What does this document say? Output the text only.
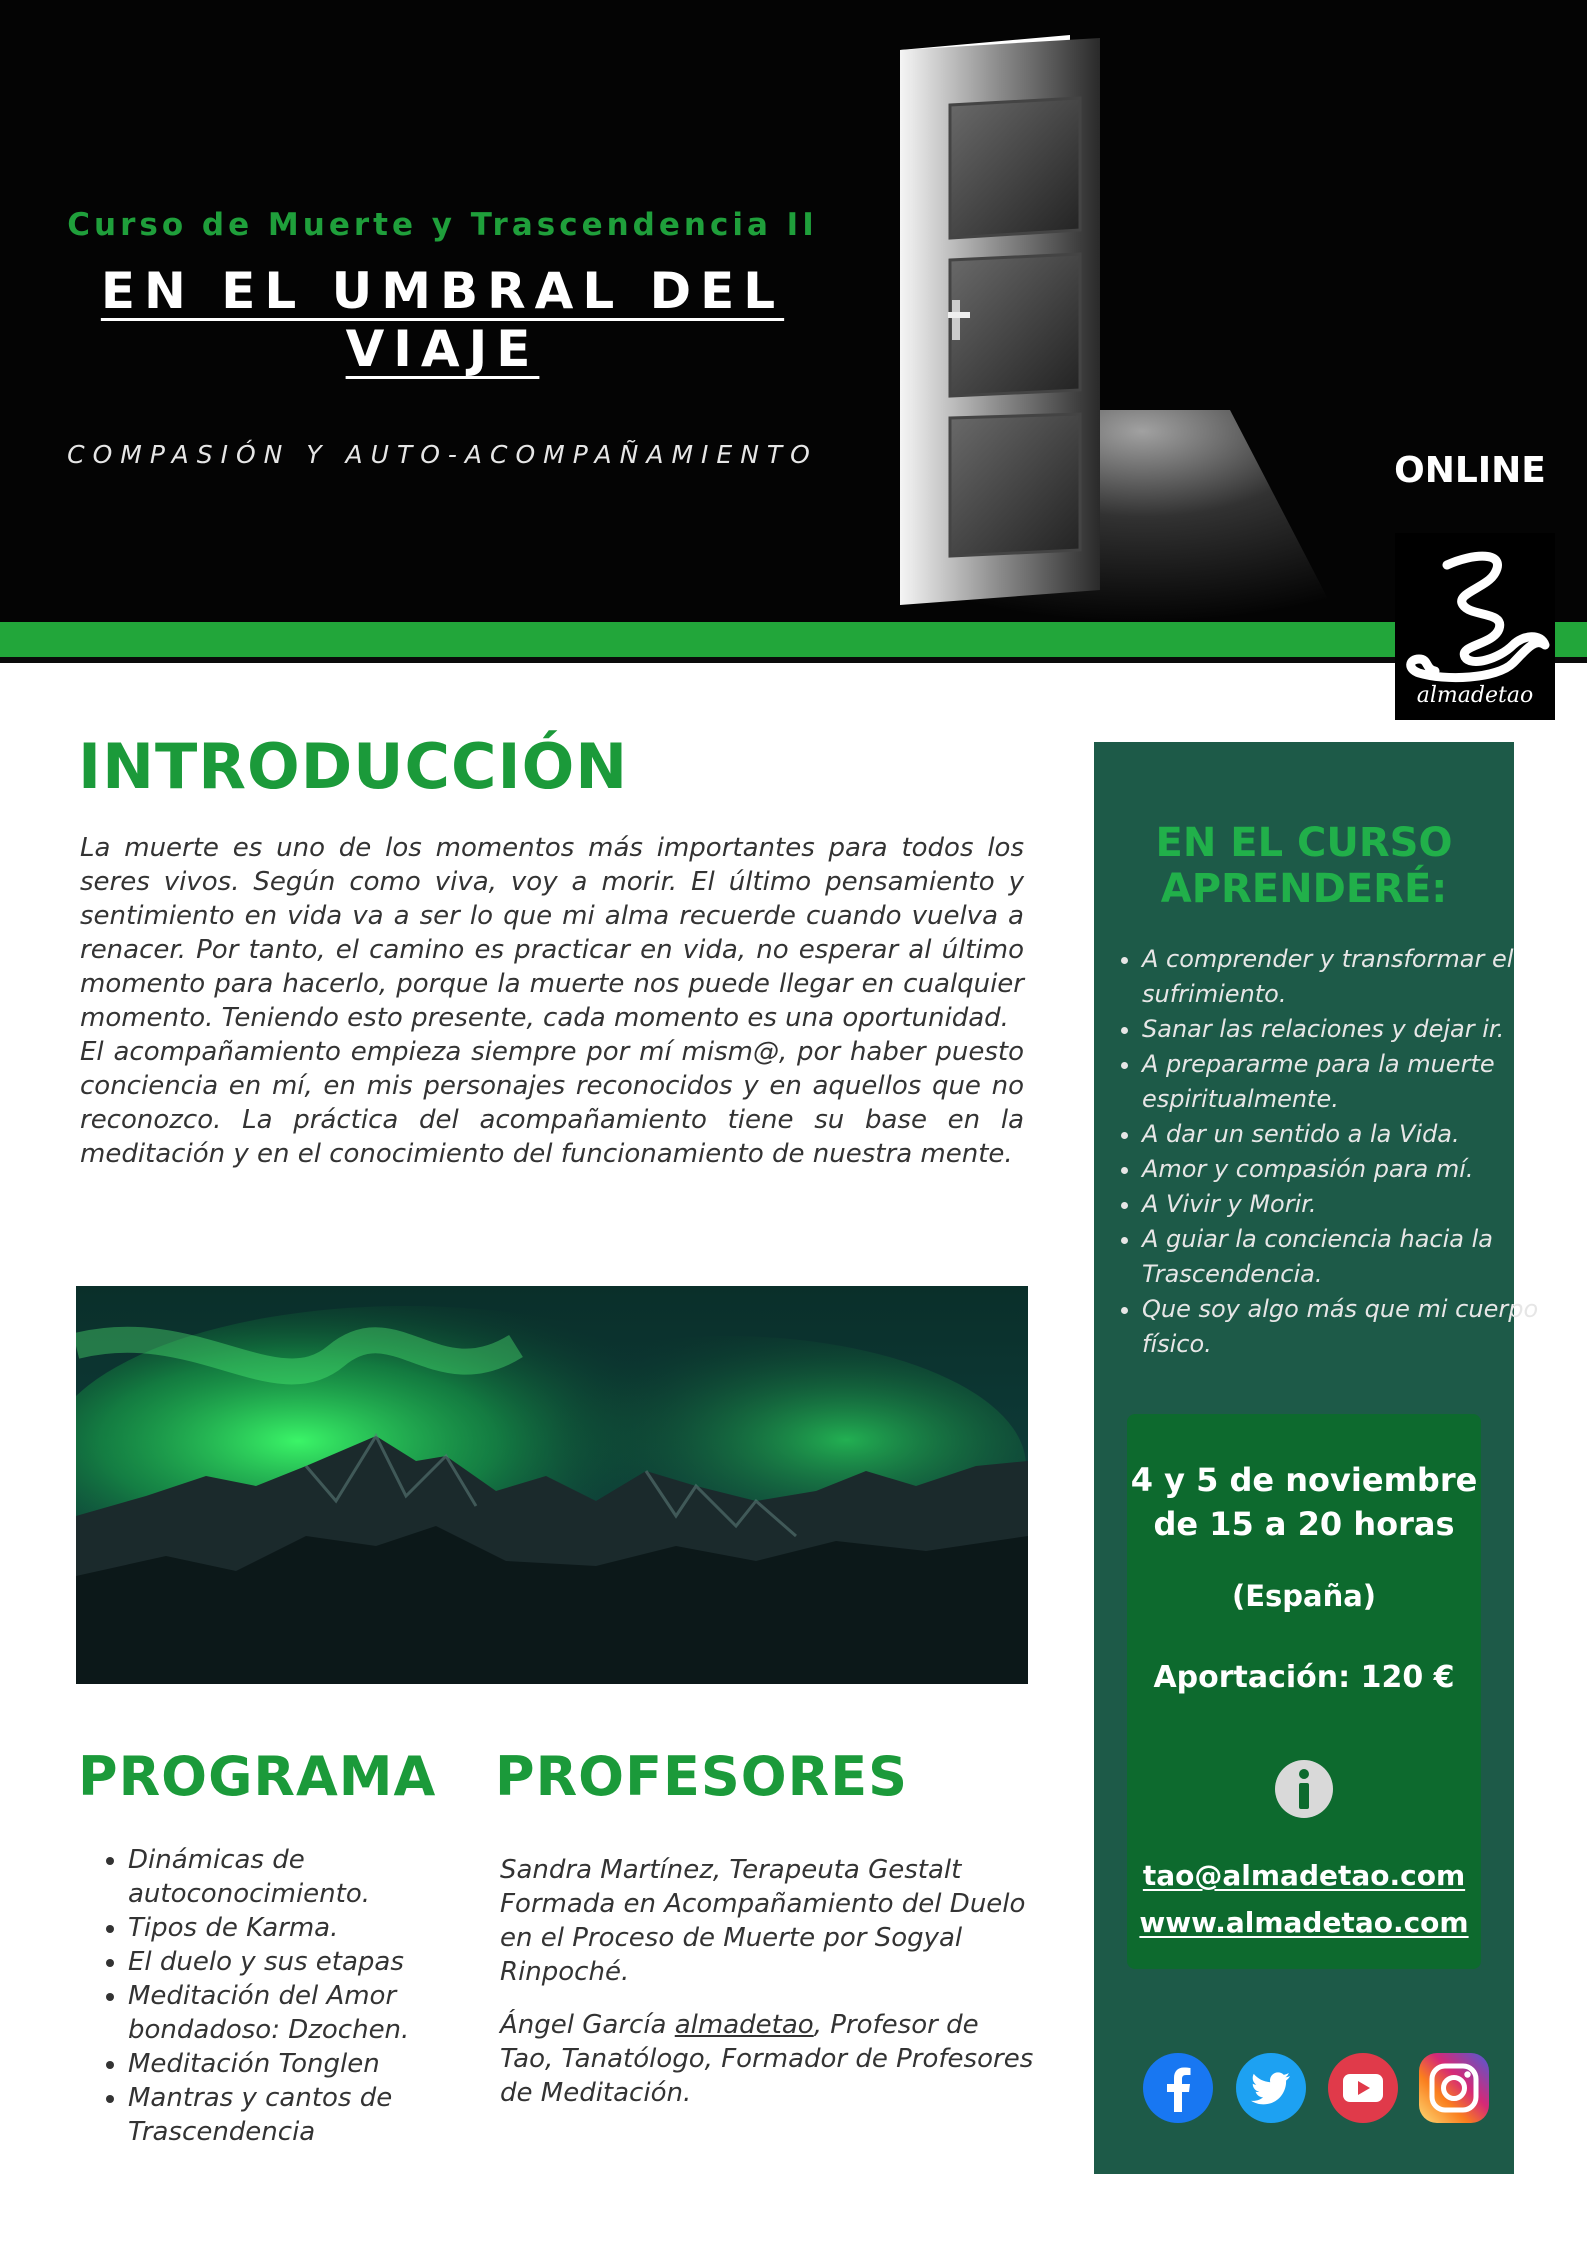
Curso de Muerte y Trascendencia II
EN EL UMBRAL DEL VIAJE
COMPASIÓN Y AUTO-ACOMPAÑAMIENTO	ONLINE
almadetao
INTRODUCCIÓN
La muerte es uno de los momentos más importantes para todos los seres vivos. Según como viva, voy a morir. El último pensamiento y sentimiento en vida va a ser lo que mi alma recuerde cuando vuelva a renacer. Por tanto, el camino es practicar en vida, no esperar al último momento para hacerlo, porque la muerte nos puede llegar en cualquier momento. Teniendo esto presente, cada momento es una oportunidad.
El acompañamiento empieza siempre por mí mism@, por haber puesto conciencia en mí, en mis personajes reconocidos y en aquellos que no reconozco. La práctica del acompañamiento tiene su base en la meditación y en el conocimiento del funcionamiento de nuestra mente.
PROGRAMA
• Dinámicas de autoconocimiento.
• Tipos de Karma.
• El duelo y sus etapas
• Meditación del Amor bondadoso: Dzochen.
• Meditación Tonglen
• Mantras y cantos de Trascendencia
PROFESORES
Sandra Martínez, Terapeuta Gestalt Formada en Acompañamiento del Duelo en el Proceso de Muerte por Sogyal Rinpoché.
Ángel García almadetao, Profesor de Tao, Tanatólogo, Formador de Profesores de Meditación.
EN EL CURSO APRENDERÉ:
• A comprender y transformar el sufrimiento.
• Sanar las relaciones y dejar ir.
• A prepararme para la muerte espiritualmente.
• A dar un sentido a la Vida.
• Amor y compasión para mí.
• A Vivir y Morir.
• A guiar la conciencia hacia la Trascendencia.
• Que soy algo más que mi cuerpo físico.
4 y 5 de noviembre de 15 a 20 horas
(España)
Aportación: 120 €
tao@almadetao.com
www.almadetao.com
